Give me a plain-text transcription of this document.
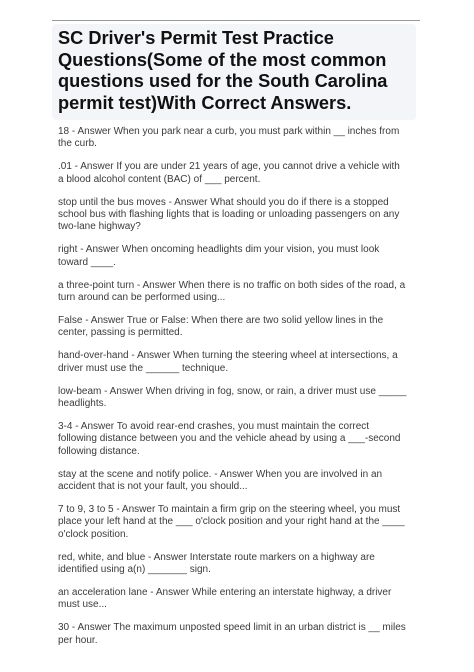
SC Driver's Permit Test Practice Questions(Some of the most common questions used for the South Carolina permit test)With Correct Answers.

18 - Answer When you park near a curb, you must park within __ inches from the curb.

.01 - Answer If you are under 21 years of age, you cannot drive a vehicle with a blood alcohol content (BAC) of ___ percent.

stop until the bus moves - Answer What should you do if there is a stopped school bus with flashing lights that is loading or unloading passengers on any two-lane highway?

right - Answer When oncoming headlights dim your vision, you must look toward ____.

a three-point turn - Answer When there is no traffic on both sides of the road, a turn around can be performed using...

False - Answer True or False: When there are two solid yellow lines in the center, passing is permitted.

hand-over-hand - Answer When turning the steering wheel at intersections, a driver must use the ______ technique.

low-beam - Answer When driving in fog, snow, or rain, a driver must use _____ headlights.

3-4 - Answer To avoid rear-end crashes, you must maintain the correct following distance between you and the vehicle ahead by using a ___-second following distance.

stay at the scene and notify police. - Answer When you are involved in an accident that is not your fault, you should...

7 to 9, 3 to 5 - Answer To maintain a firm grip on the steering wheel, you must place your left hand at the ___ o'clock position and your right hand at the ____ o'clock position.

red, white, and blue - Answer Interstate route markers on a highway are identified using a(n) _______ sign.

an acceleration lane - Answer While entering an interstate highway, a driver must use...

30 - Answer The maximum unposted speed limit in an urban district is __ miles per hour.
